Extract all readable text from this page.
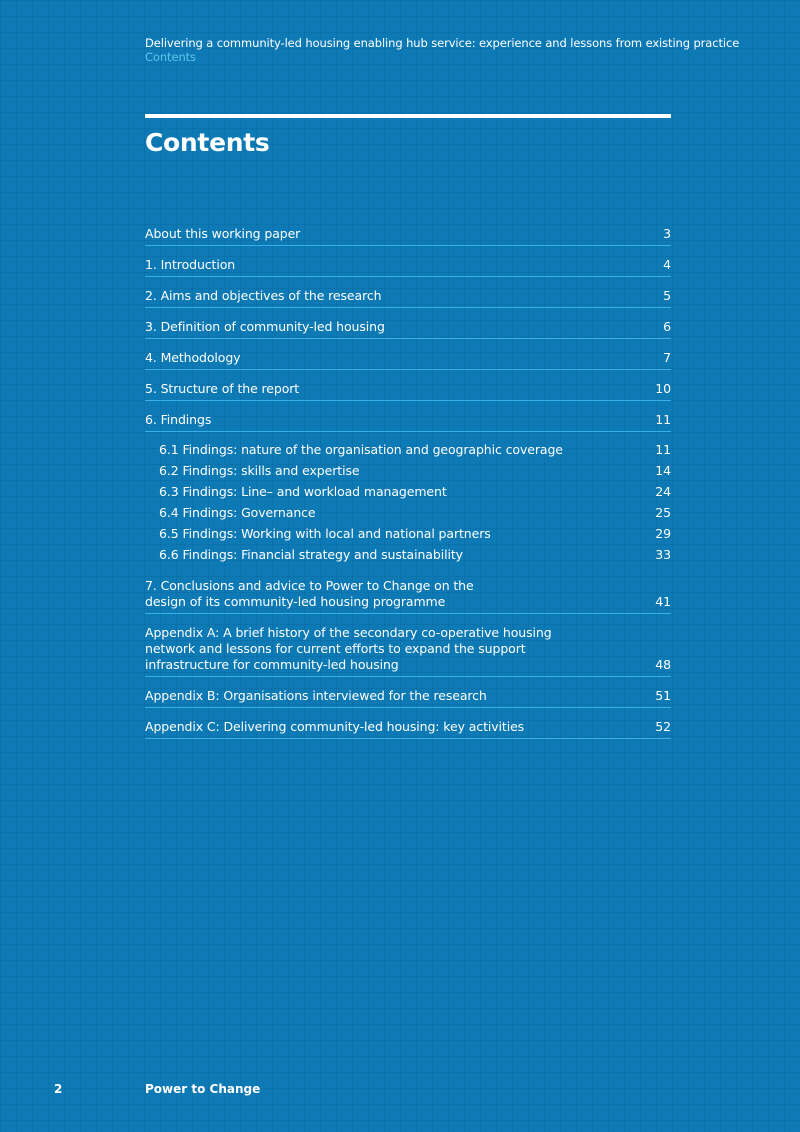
Delivering a community-led housing enabling hub service: experience and lessons from existing practice
Contents
Contents
About this working paper	3
1. Introduction	4
2. Aims and objectives of the research	5
3. Definition of community-led housing	6
4. Methodology	7
5. Structure of the report	10
6. Findings	11
6.1 Findings: nature of the organisation and geographic coverage	11
6.2 Findings: skills and expertise	14
6.3 Findings: Line– and workload management	24
6.4 Findings: Governance	25
6.5 Findings: Working with local and national partners	29
6.6 Findings: Financial strategy and sustainability	33
7. Conclusions and advice to Power to Change on the
design of its community-led housing programme	41
Appendix A: A brief history of the secondary co-operative housing
network and lessons for current efforts to expand the support
infrastructure for community-led housing	48
Appendix B: Organisations interviewed for the research	51
Appendix C: Delivering community-led housing: key activities	52
2	Power to Change
